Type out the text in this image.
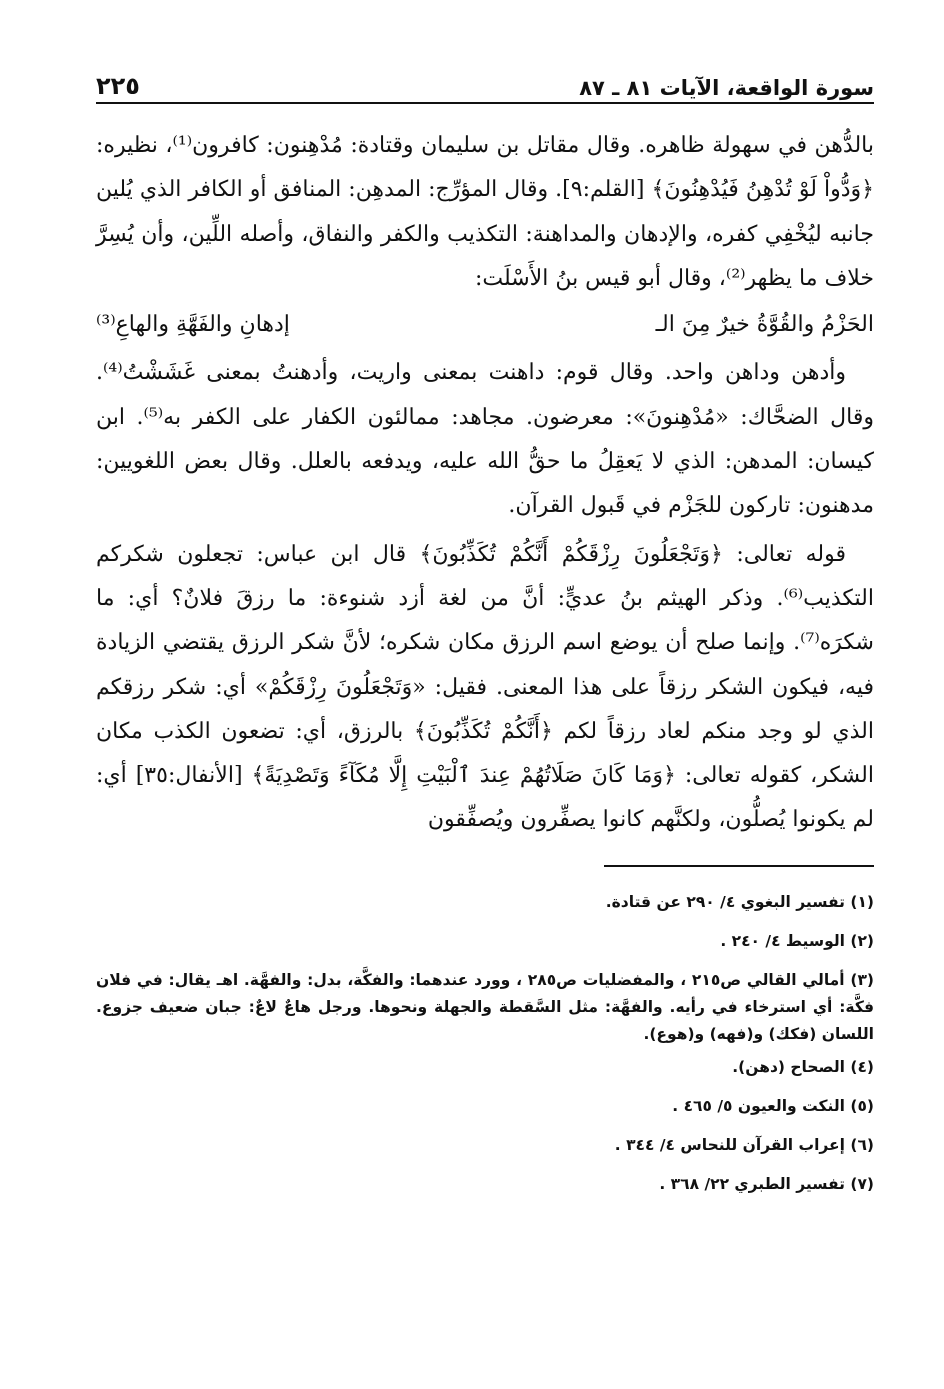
سورة الواقعة، الآيات ٨١ ـ ٨٧
٢٢٥

بالدُّهن في سهولة ظاهره. وقال مقاتل بن سليمان وقتادة: مُدْهِنون: كافرون⁽¹⁾، نظيره: ﴿وَدُّواْ لَوْ تُدْهِنُ فَيُدْهِنُونَ﴾ [القلم:٩]. وقال المؤرِّج: المدهِن: المنافق أو الكافر الذي يُلين جانبه ليُخْفِي كفره، والإدهان والمداهنة: التكذيب والكفر والنفاق، وأصله اللِّين، وأن يُسِرَّ خلاف ما يظهر⁽²⁾، وقال أبو قيس بنُ الأَسْلَت:

الحَزْمُ والقُوَّةُ خيرٌ مِنَ الـ
إدهانِ والفَهَّةِ والهاعِ⁽³⁾

وأدهن وداهن واحد. وقال قوم: داهنت بمعنى واريت، وأدهنتُ بمعنى غَشَشْتُ⁽⁴⁾. وقال الضحَّاك: «مُدْهِنونَ»: معرضون. مجاهد: ممالئون الكفار على الكفر به⁽⁵⁾. ابن كيسان: المدهن: الذي لا يَعقِلُ ما حقُّ الله عليه، ويدفعه بالعلل. وقال بعض اللغويين: مدهنون: تاركون للجَزْم في قَبول القرآن.

قوله تعالى: ﴿وَتَجْعَلُونَ رِزْقَكُمْ أَنَّكُمْ تُكَذِّبُونَ﴾ قال ابن عباس: تجعلون شكركم التكذيب⁽⁶⁾. وذكر الهيثم بنُ عديٍّ: أنَّ من لغة أزد شنوءة: ما رزقَ فلانٌ؟ أي: ما شكرَه⁽⁷⁾. وإنما صلح أن يوضع اسم الرزق مكان شكره؛ لأنَّ شكر الرزق يقتضي الزيادة فيه، فيكون الشكر رزقاً على هذا المعنى. فقيل: «وَتَجْعَلُونَ رِزْقَكُمْ» أي: شكر رزقكم الذي لو وجد منكم لعاد رزقاً لكم ﴿أَنَّكُمْ تُكَذِّبُونَ﴾ بالرزق، أي: تضعون الكذب مكان الشكر، كقوله تعالى: ﴿وَمَا كَانَ صَلَاتُهُمْ عِندَ ٱلْبَيْتِ إِلَّا مُكَآءً وَتَصْدِيَةً﴾ [الأنفال:٣٥] أي: لم يكونوا يُصلُّون، ولكنَّهم كانوا يصفِّرون ويُصفِّقون

(١) تفسير البغوي ٤/ ٢٩٠ عن قتادة.

(٢) الوسيط ٤/ ٢٤٠ .

(٣) أمالي القالي ص٢١٥ ، والمفضليات ص٢٨٥ ، وورد عندهما: والفكَّة، بدل: والفهَّة. اهـ يقال: في فلان فكَّة: أي استرخاء في رأيه. والفهَّة: مثل السَّقطة والجهلة ونحوها. ورجل هاعٌ لاعٌ: جبان ضعيف جزوع. اللسان (فكك) و(فهه) و(هوع).

(٤) الصحاح (دهن).

(٥) النكت والعيون ٥/ ٤٦٥ .

(٦) إعراب القرآن للنحاس ٤/ ٣٤٤ .

(٧) تفسير الطبري ٢٢/ ٣٦٨ .
